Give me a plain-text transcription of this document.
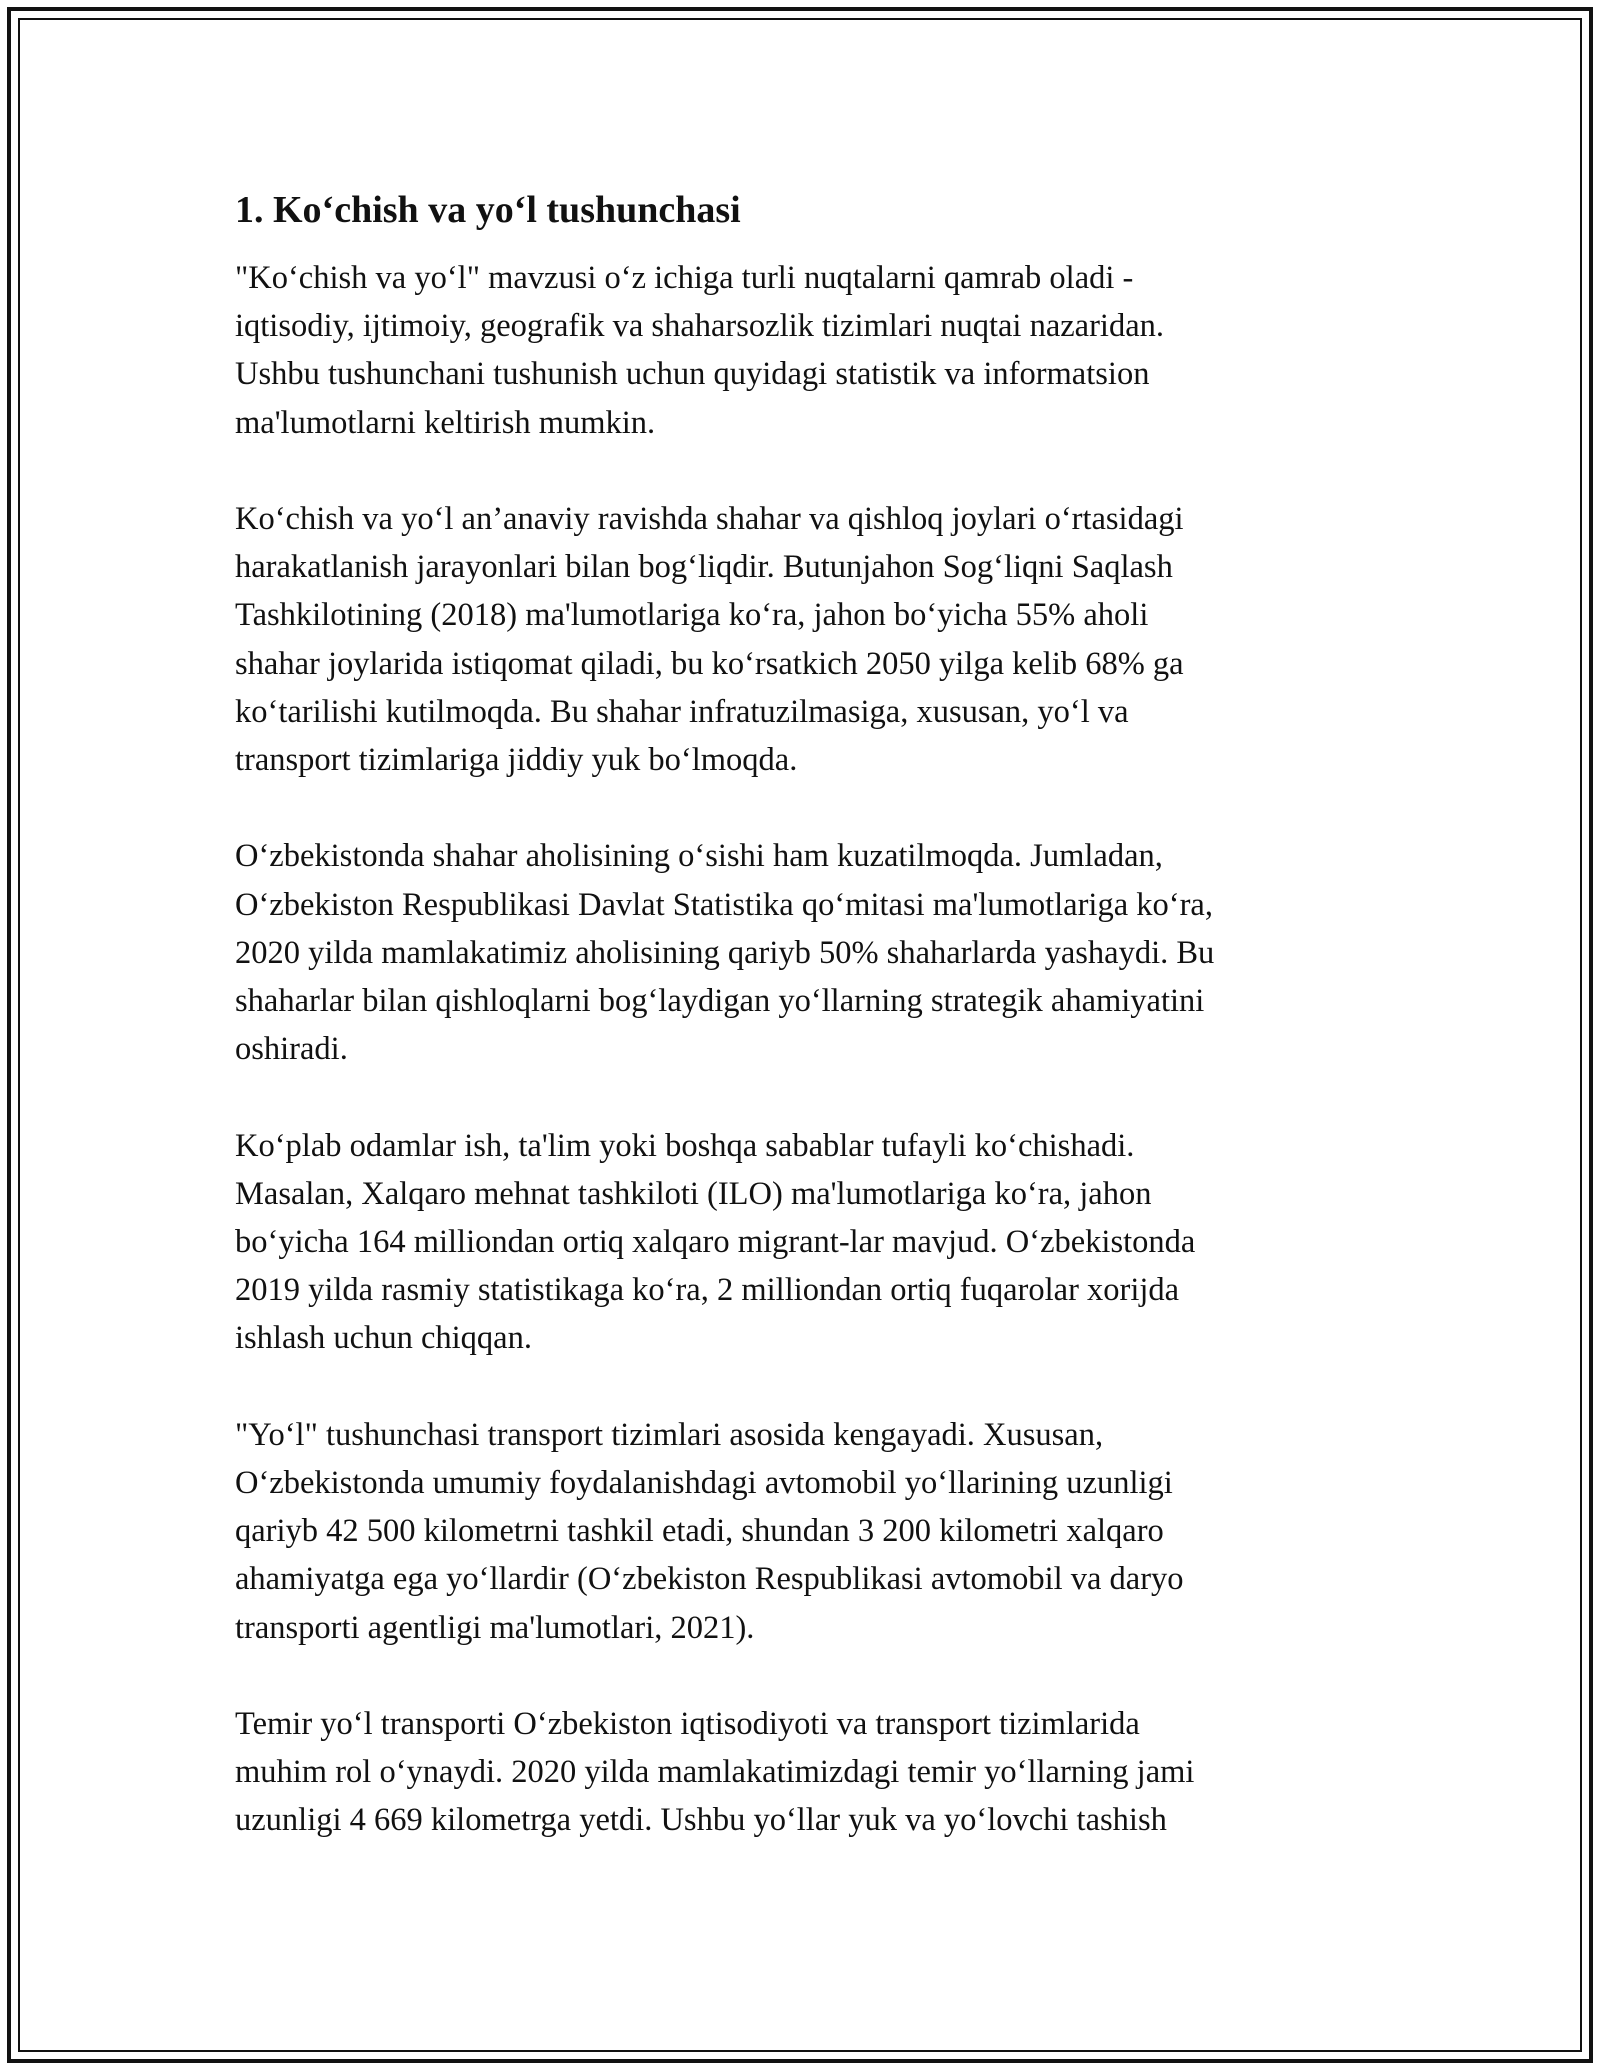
1. Ko‘chish va yo‘l tushunchasi
"Ko‘chish va yo‘l" mavzusi o‘z ichiga turli nuqtalarni qamrab oladi -
iqtisodiy, ijtimoiy, geografik va shaharsozlik tizimlari nuqtai nazaridan.
Ushbu tushunchani tushunish uchun quyidagi statistik va informatsion
ma'lumotlarni keltirish mumkin.
Ko‘chish va yo‘l an’anaviy ravishda shahar va qishloq joylari o‘rtasidagi
harakatlanish jarayonlari bilan bog‘liqdir. Butunjahon Sog‘liqni Saqlash
Tashkilotining (2018) ma'lumotlariga ko‘ra, jahon bo‘yicha 55% aholi
shahar joylarida istiqomat qiladi, bu ko‘rsatkich 2050 yilga kelib 68% ga
ko‘tarilishi kutilmoqda. Bu shahar infratuzilmasiga, xususan, yo‘l va
transport tizimlariga jiddiy yuk bo‘lmoqda.
O‘zbekistonda shahar aholisining o‘sishi ham kuzatilmoqda. Jumladan,
O‘zbekiston Respublikasi Davlat Statistika qo‘mitasi ma'lumotlariga ko‘ra,
2020 yilda mamlakatimiz aholisining qariyb 50% shaharlarda yashaydi. Bu
shaharlar bilan qishloqlarni bog‘laydigan yo‘llarning strategik ahamiyatini
oshiradi.
Ko‘plab odamlar ish, ta'lim yoki boshqa sabablar tufayli ko‘chishadi.
Masalan, Xalqaro mehnat tashkiloti (ILO) ma'lumotlariga ko‘ra, jahon
bo‘yicha 164 milliondan ortiq xalqaro migrant-lar mavjud. O‘zbekistonda
2019 yilda rasmiy statistikaga ko‘ra, 2 milliondan ortiq fuqarolar xorijda
ishlash uchun chiqqan.
"Yo‘l" tushunchasi transport tizimlari asosida kengayadi. Xususan,
O‘zbekistonda umumiy foydalanishdagi avtomobil yo‘llarining uzunligi
qariyb 42 500 kilometrni tashkil etadi, shundan 3 200 kilometri xalqaro
ahamiyatga ega yo‘llardir (O‘zbekiston Respublikasi avtomobil va daryo
transporti agentligi ma'lumotlari, 2021).
Temir yo‘l transporti O‘zbekiston iqtisodiyoti va transport tizimlarida
muhim rol o‘ynaydi. 2020 yilda mamlakatimizdagi temir yo‘llarning jami
uzunligi 4 669 kilometrga yetdi. Ushbu yo‘llar yuk va yo‘lovchi tashish
